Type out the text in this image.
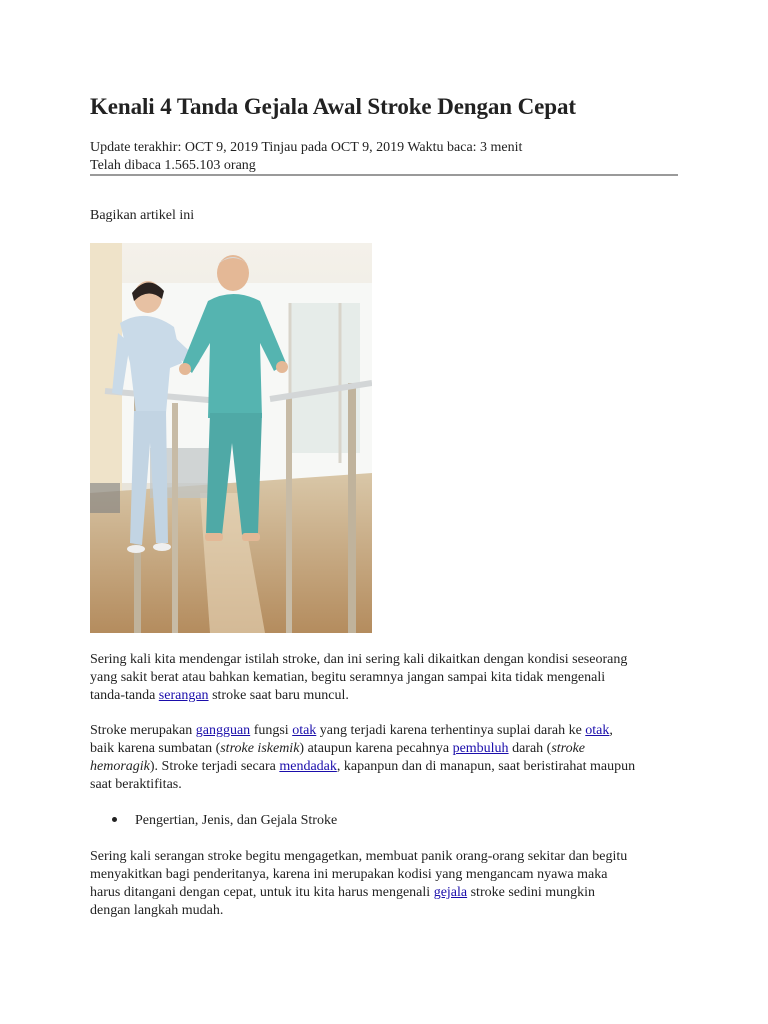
Kenali 4 Tanda Gejala Awal Stroke Dengan Cepat
Update terakhir: OCT 9, 2019 Tinjau pada OCT 9, 2019 Waktu baca: 3 menit
Telah dibaca 1.565.103 orang
Bagikan artikel ini
Sering kali kita mendengar istilah stroke, dan ini sering kali dikaitkan dengan kondisi seseorang
yang sakit berat atau bahkan kematian, begitu seramnya jangan sampai kita tidak mengenali
tanda-tanda serangan stroke saat baru muncul.
Stroke merupakan gangguan fungsi otak yang terjadi karena terhentinya suplai darah ke otak,
baik karena sumbatan (stroke iskemik) ataupun karena pecahnya pembuluh darah (stroke
hemoragik). Stroke terjadi secara mendadak, kapanpun dan di manapun, saat beristirahat maupun
saat beraktifitas.
Pengertian, Jenis, dan Gejala Stroke
Sering kali serangan stroke begitu mengagetkan, membuat panik orang-orang sekitar dan begitu
menyakitkan bagi penderitanya, karena ini merupakan kodisi yang mengancam nyawa maka
harus ditangani dengan cepat, untuk itu kita harus mengenali gejala stroke sedini mungkin
dengan langkah mudah.
